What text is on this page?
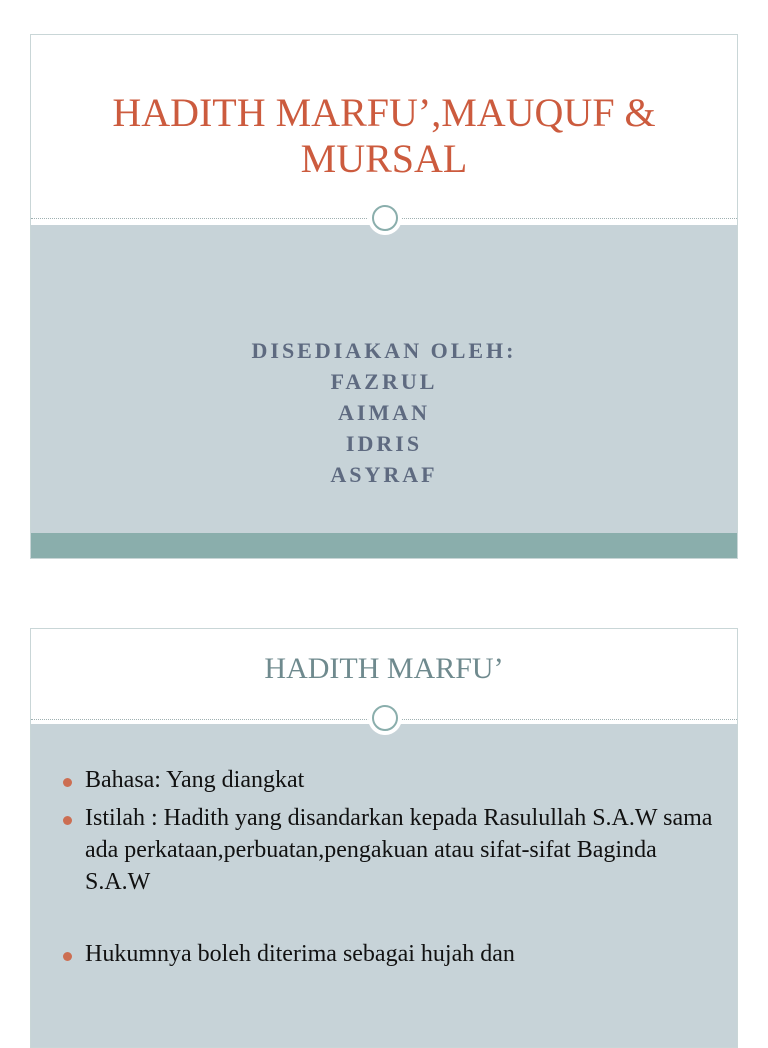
HADITH MARFU’,MAUQUF & MURSAL
DISEDIAKAN OLEH:
FAZRUL
AIMAN
IDRIS
ASYRAF
HADITH MARFU’
Bahasa: Yang diangkat
Istilah : Hadith yang disandarkan kepada Rasulullah S.A.W sama ada perkataan,perbuatan,pengakuan atau sifat-sifat Baginda S.A.W
Hukumnya boleh diterima sebagai hujah dan
